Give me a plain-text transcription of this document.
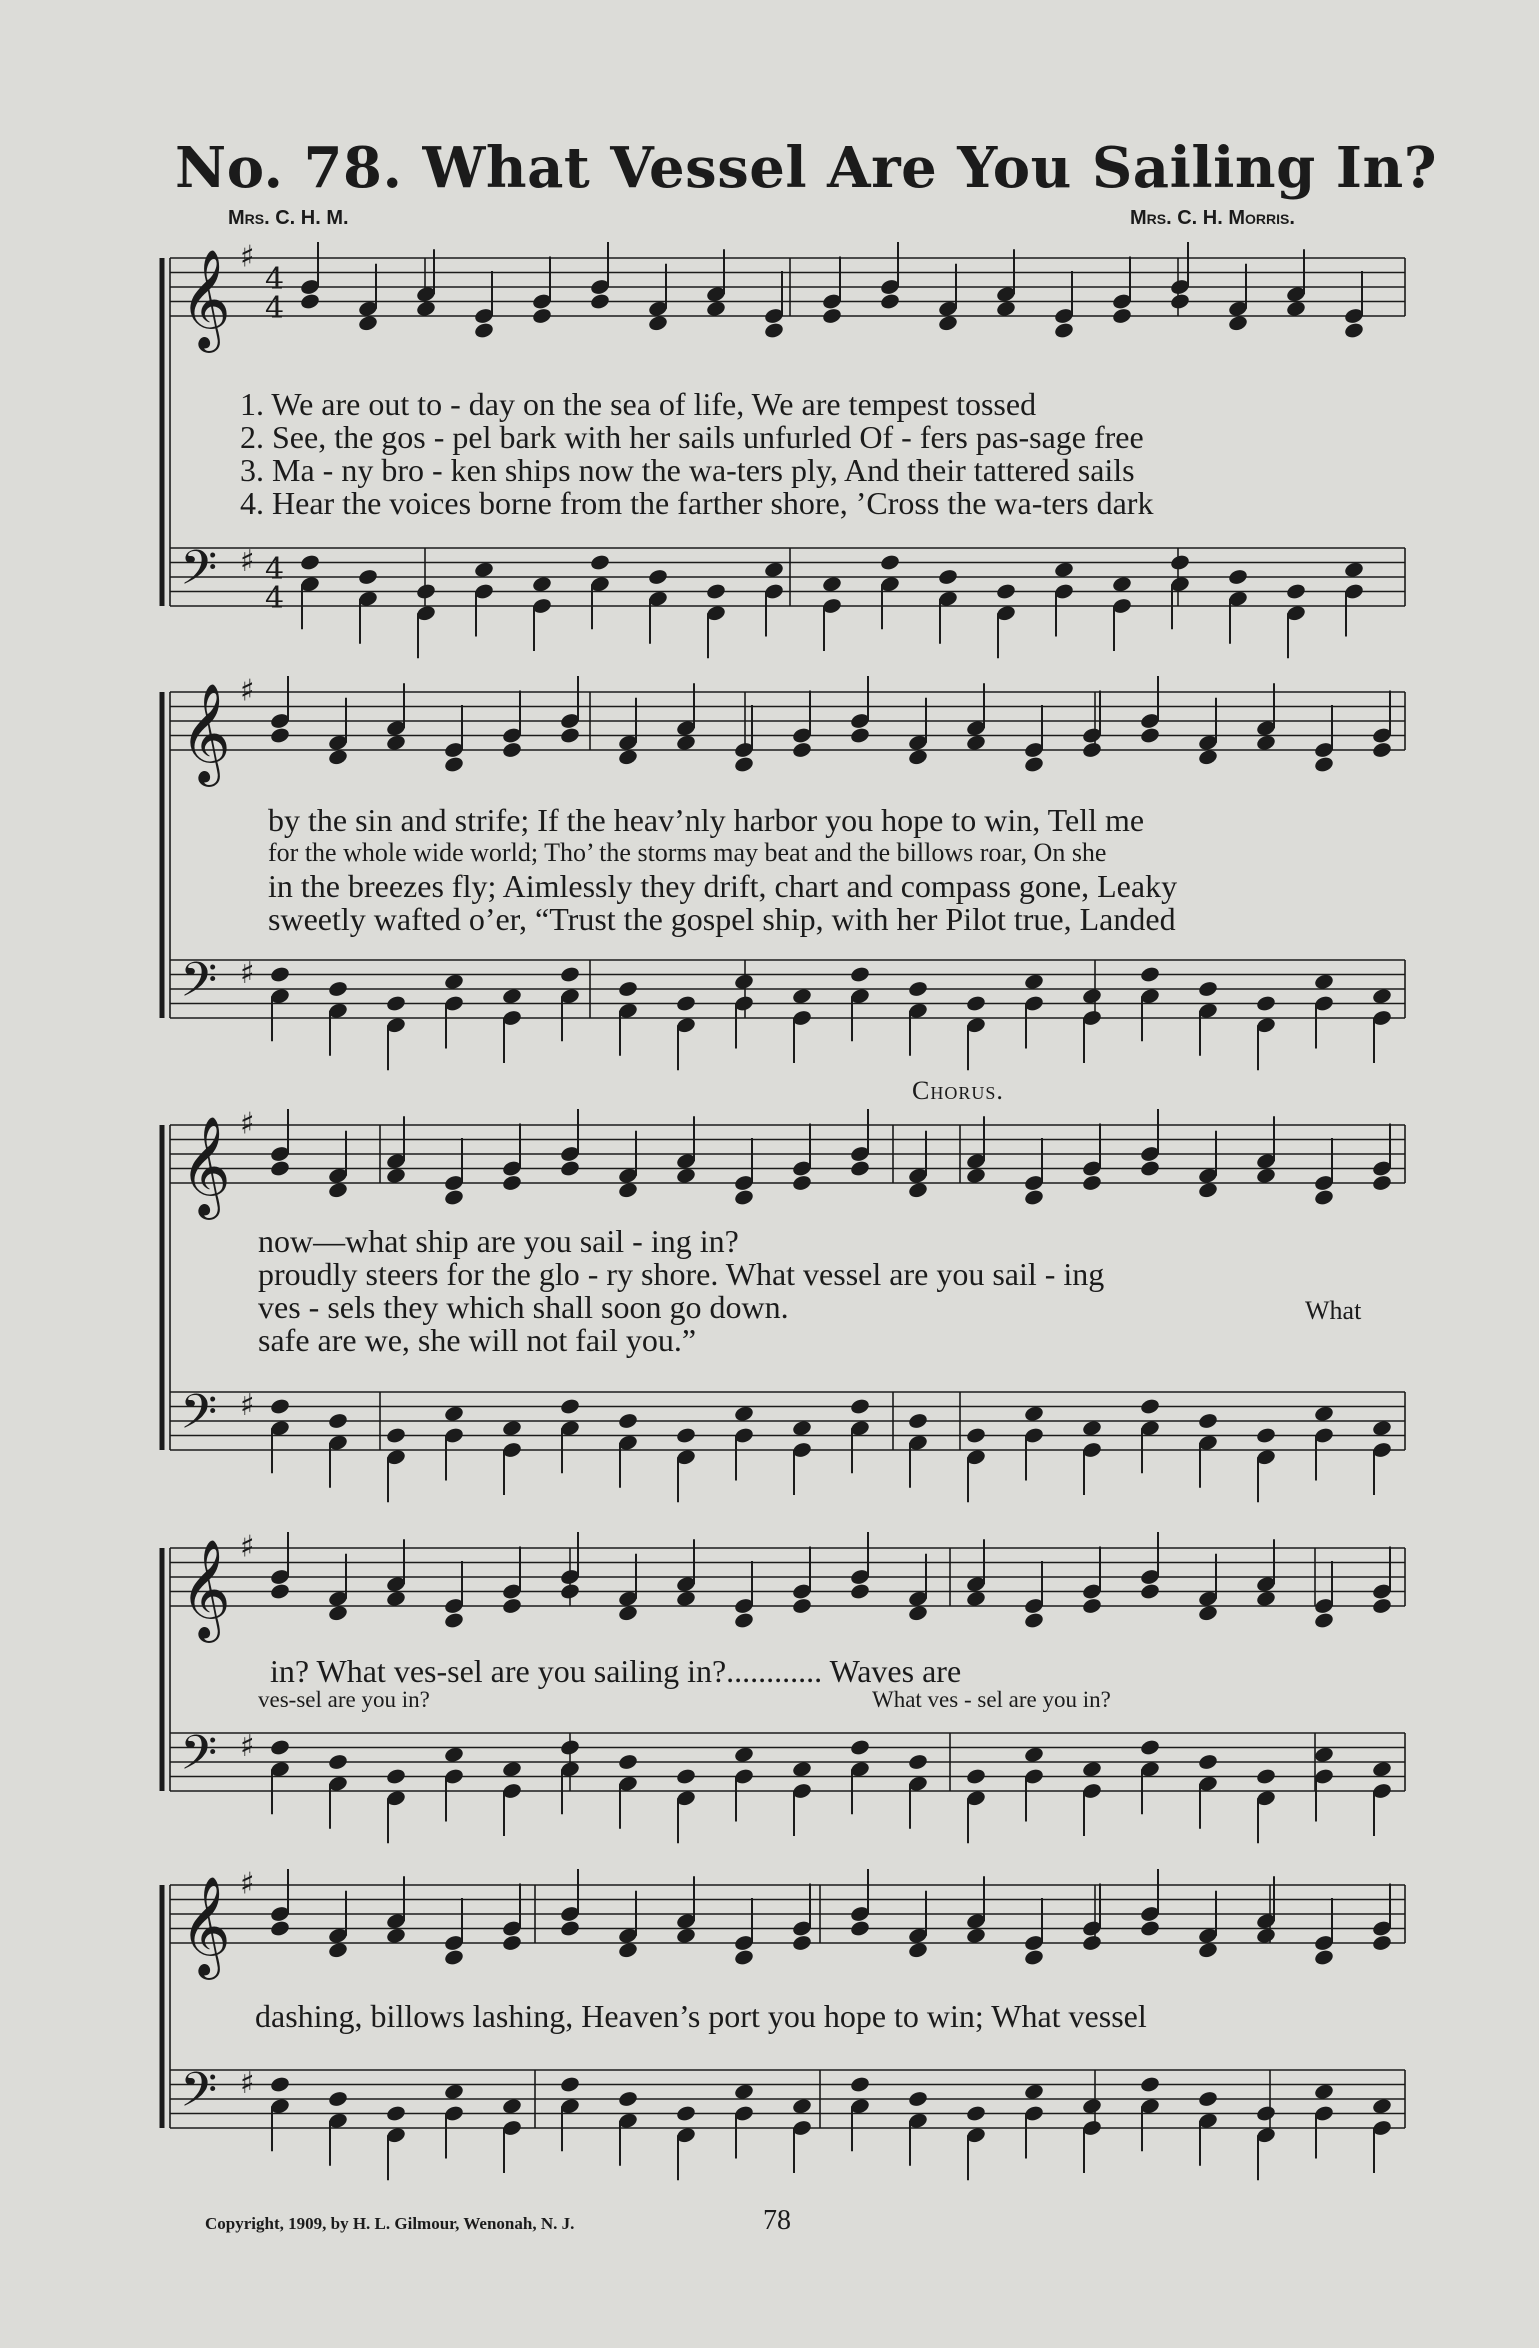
No. 78. What Vessel Are You Sailing In?
Mrs. C. H. M.	Mrs. C. H. Morris.
𝄞
𝄢
♯
♯
4
4
4
4
𝄞
𝄢
♯
♯
𝄞
𝄢
♯
♯
𝄞
𝄢
♯
♯
𝄞
𝄢
♯
♯
1. We are out to - day on the sea of life, We are tempest tossed
2. See, the gos - pel bark with her sails unfurled Of - fers pas-sage free
3. Ma - ny bro - ken ships now the wa-ters ply, And their tattered sails
4. Hear the voices borne from the farther shore, ’Cross the wa-ters dark
by the sin and strife; If the heav’nly harbor you hope to win, Tell me
for the whole wide world; Tho’ the storms may beat and the billows roar, On she
in the breezes fly; Aimlessly they drift, chart and compass gone, Leaky
sweetly wafted o’er, “Trust the gospel ship, with her Pilot true, Landed
Chorus.
now—what ship are you sail - ing in?
proudly steers for the glo - ry shore. What vessel are you sail - ing
ves - sels they which shall soon go down.	What
safe are we, she will not fail you.”
in? What ves-sel are you sailing in?............ Waves are
ves-sel are you in?	What ves - sel are you in?
dashing, billows lashing, Heaven’s port you hope to win; What vessel
Copyright, 1909, by H. L. Gilmour, Wenonah, N. J.	78
